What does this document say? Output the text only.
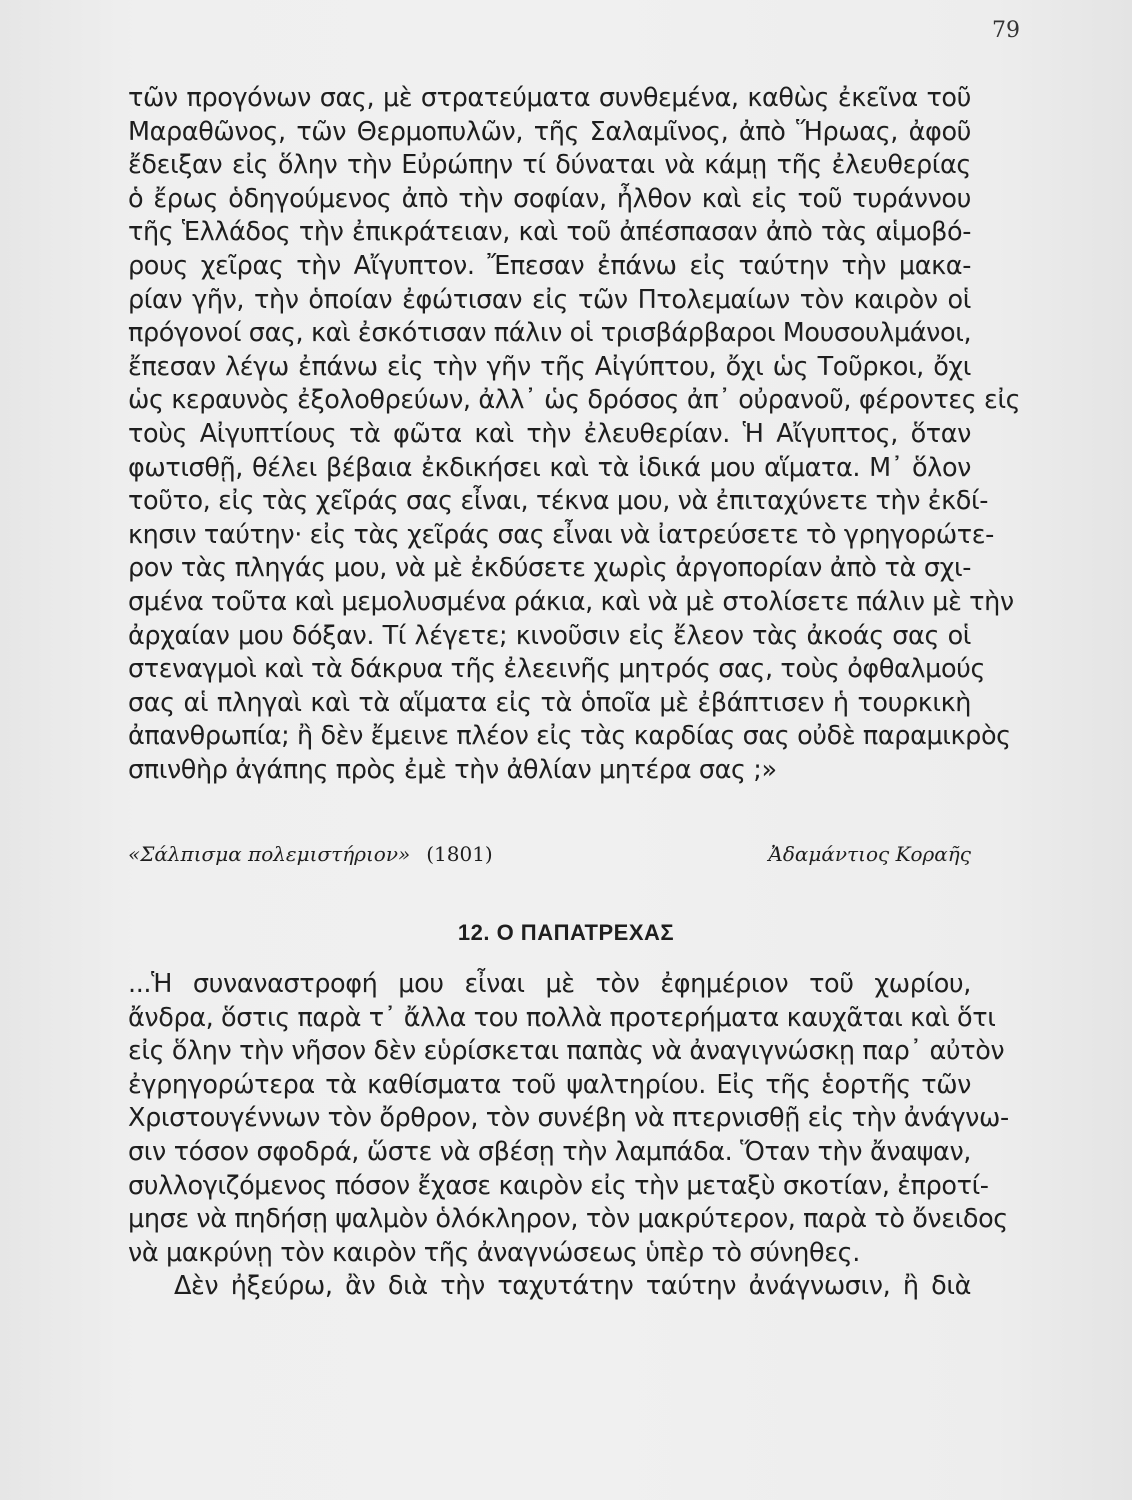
79
τῶν προγόνων σας, μὲ στρατεύματα συνθεμένα, καθὼς ἐκεῖνα τοῦ
Μαραθῶνος, τῶν Θερμοπυλῶν, τῆς Σαλαμῖνος, ἀπὸ Ἥρωας, ἀφοῦ
ἔδειξαν εἰς ὅλην τὴν Εὐρώπην τί δύναται νὰ κάμῃ τῆς ἐλευθερίας
ὁ ἔρως ὁδηγούμενος ἀπὸ τὴν σοφίαν, ἦλθον καὶ εἰς τοῦ τυράννου
τῆς Ἑλλάδος τὴν ἐπικράτειαν, καὶ τοῦ ἀπέσπασαν ἀπὸ τὰς αἱμοβό-
ρους χεῖρας τὴν Αἴγυπτον. Ἔπεσαν ἐπάνω εἰς ταύτην τὴν μακα-
ρίαν γῆν, τὴν ὁποίαν ἐφώτισαν εἰς τῶν Πτολεμαίων τὸν καιρὸν οἱ
πρόγονοί σας, καὶ ἐσκότισαν πάλιν οἱ τρισβάρβαροι Μουσουλμάνοι,
ἔπεσαν λέγω ἐπάνω εἰς τὴν γῆν τῆς Αἰγύπτου, ὄχι ὡς Τοῦρκοι, ὄχι
ὡς κεραυνὸς ἐξολοθρεύων, ἀλλ᾽ ὡς δρόσος ἀπ᾽ οὐρανοῦ, φέροντες εἰς
τοὺς Αἰγυπτίους τὰ φῶτα καὶ τὴν ἐλευθερίαν. Ἡ Αἴγυπτος, ὅταν
φωτισθῇ, θέλει βέβαια ἐκδικήσει καὶ τὰ ἰδικά μου αἵματα. Μ᾽ ὅλον
τοῦτο, εἰς τὰς χεῖράς σας εἶναι, τέκνα μου, νὰ ἐπιταχύνετε τὴν ἐκδί-
κησιν ταύτην· εἰς τὰς χεῖράς σας εἶναι νὰ ἰατρεύσετε τὸ γρηγορώτε-
ρον τὰς πληγάς μου, νὰ μὲ ἐκδύσετε χωρὶς ἀργοπορίαν ἀπὸ τὰ σχι-
σμένα τοῦτα καὶ μεμολυσμένα ράκια, καὶ νὰ μὲ στολίσετε πάλιν μὲ τὴν
ἀρχαίαν μου δόξαν. Τί λέγετε; κινοῦσιν εἰς ἔλεον τὰς ἀκοάς σας οἱ
στεναγμοὶ καὶ τὰ δάκρυα τῆς ἐλεεινῆς μητρός σας, τοὺς ὀφθαλμούς
σας αἱ πληγαὶ καὶ τὰ αἵματα εἰς τὰ ὁποῖα μὲ ἐβάπτισεν ἡ τουρκικὴ
ἀπανθρωπία; ἢ δὲν ἔμεινε πλέον εἰς τὰς καρδίας σας οὐδὲ παραμικρὸς
σπινθὴρ ἀγάπης πρὸς ἐμὲ τὴν ἀθλίαν μητέρα σας ;»
«Σάλπισμα πολεμιστήριον» (1801)	Ἀδαμάντιος Κοραῆς
12. Ο ΠΑΠΑΤΡΕΧΑΣ
...Ἡ συναναστροφή μου εἶναι μὲ τὸν ἐφημέριον τοῦ χωρίου,
ἄνδρα, ὅστις παρὰ τ᾽ ἄλλα του πολλὰ προτερήματα καυχᾶται καὶ ὅτι
εἰς ὅλην τὴν νῆσον δὲν εὑρίσκεται παπὰς νὰ ἀναγιγνώσκῃ παρ᾽ αὐτὸν
ἐγρηγορώτερα τὰ καθίσματα τοῦ ψαλτηρίου. Εἰς τῆς ἑορτῆς τῶν
Χριστουγέννων τὸν ὄρθρον, τὸν συνέβη νὰ πτερνισθῇ εἰς τὴν ἀνάγνω-
σιν τόσον σφοδρά, ὥστε νὰ σβέσῃ τὴν λαμπάδα. Ὅταν τὴν ἄναψαν,
συλλογιζόμενος πόσον ἔχασε καιρὸν εἰς τὴν μεταξὺ σκοτίαν, ἐπροτί-
μησε νὰ πηδήσῃ ψαλμὸν ὁλόκληρον, τὸν μακρύτερον, παρὰ τὸ ὄνειδος
νὰ μακρύνῃ τὸν καιρὸν τῆς ἀναγνώσεως ὑπὲρ τὸ σύνηθες.
Δὲν ἠξεύρω, ἂν διὰ τὴν ταχυτάτην ταύτην ἀνάγνωσιν, ἢ διὰ
